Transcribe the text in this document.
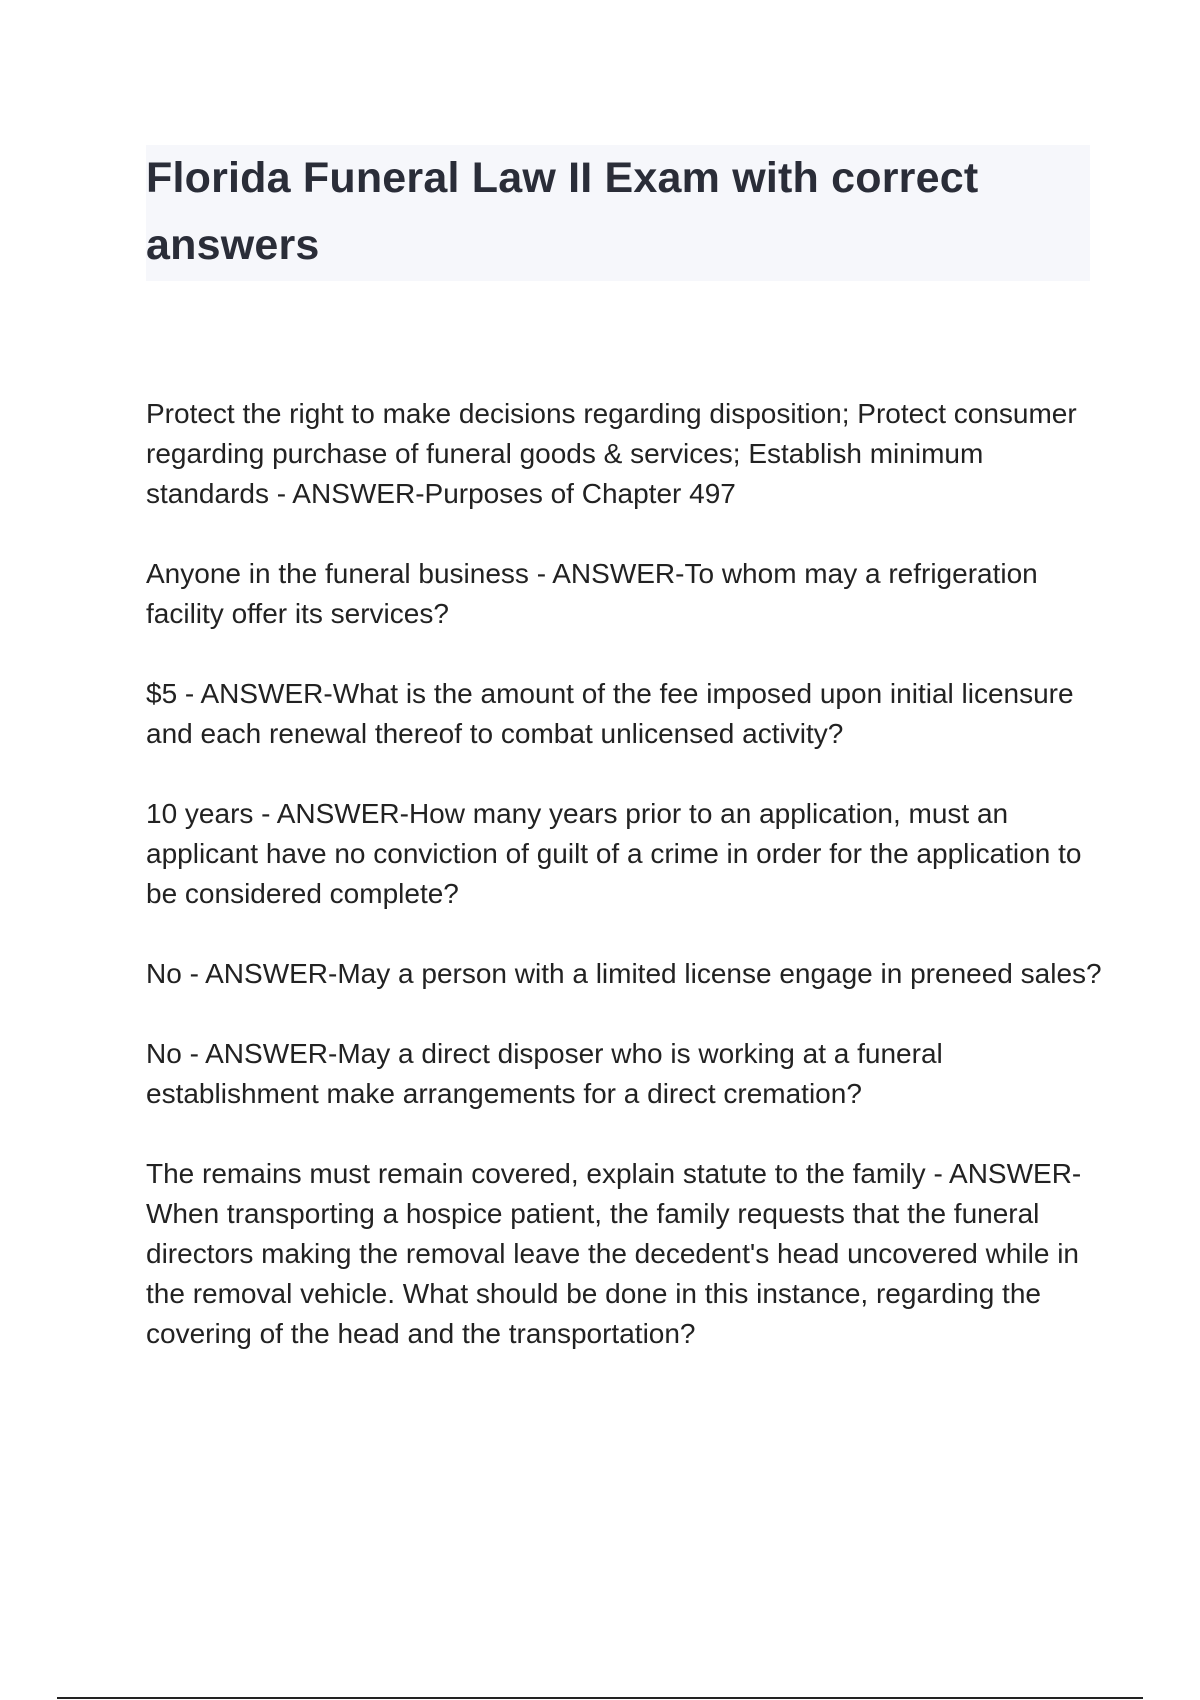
Florida Funeral Law II Exam with correct answers

Protect the right to make decisions regarding disposition; Protect consumer regarding purchase of funeral goods & services; Establish minimum standards - ANSWER-Purposes of Chapter 497

Anyone in the funeral business - ANSWER-To whom may a refrigeration facility offer its services?

$5 - ANSWER-What is the amount of the fee imposed upon initial licensure and each renewal thereof to combat unlicensed activity?

10 years - ANSWER-How many years prior to an application, must an applicant have no conviction of guilt of a crime in order for the application to be considered complete?

No - ANSWER-May a person with a limited license engage in preneed sales?

No - ANSWER-May a direct disposer who is working at a funeral establishment make arrangements for a direct cremation?

The remains must remain covered, explain statute to the family - ANSWER-When transporting a hospice patient, the family requests that the funeral directors making the removal leave the decedent's head uncovered while in the removal vehicle. What should be done in this instance, regarding the covering of the head and the transportation?
